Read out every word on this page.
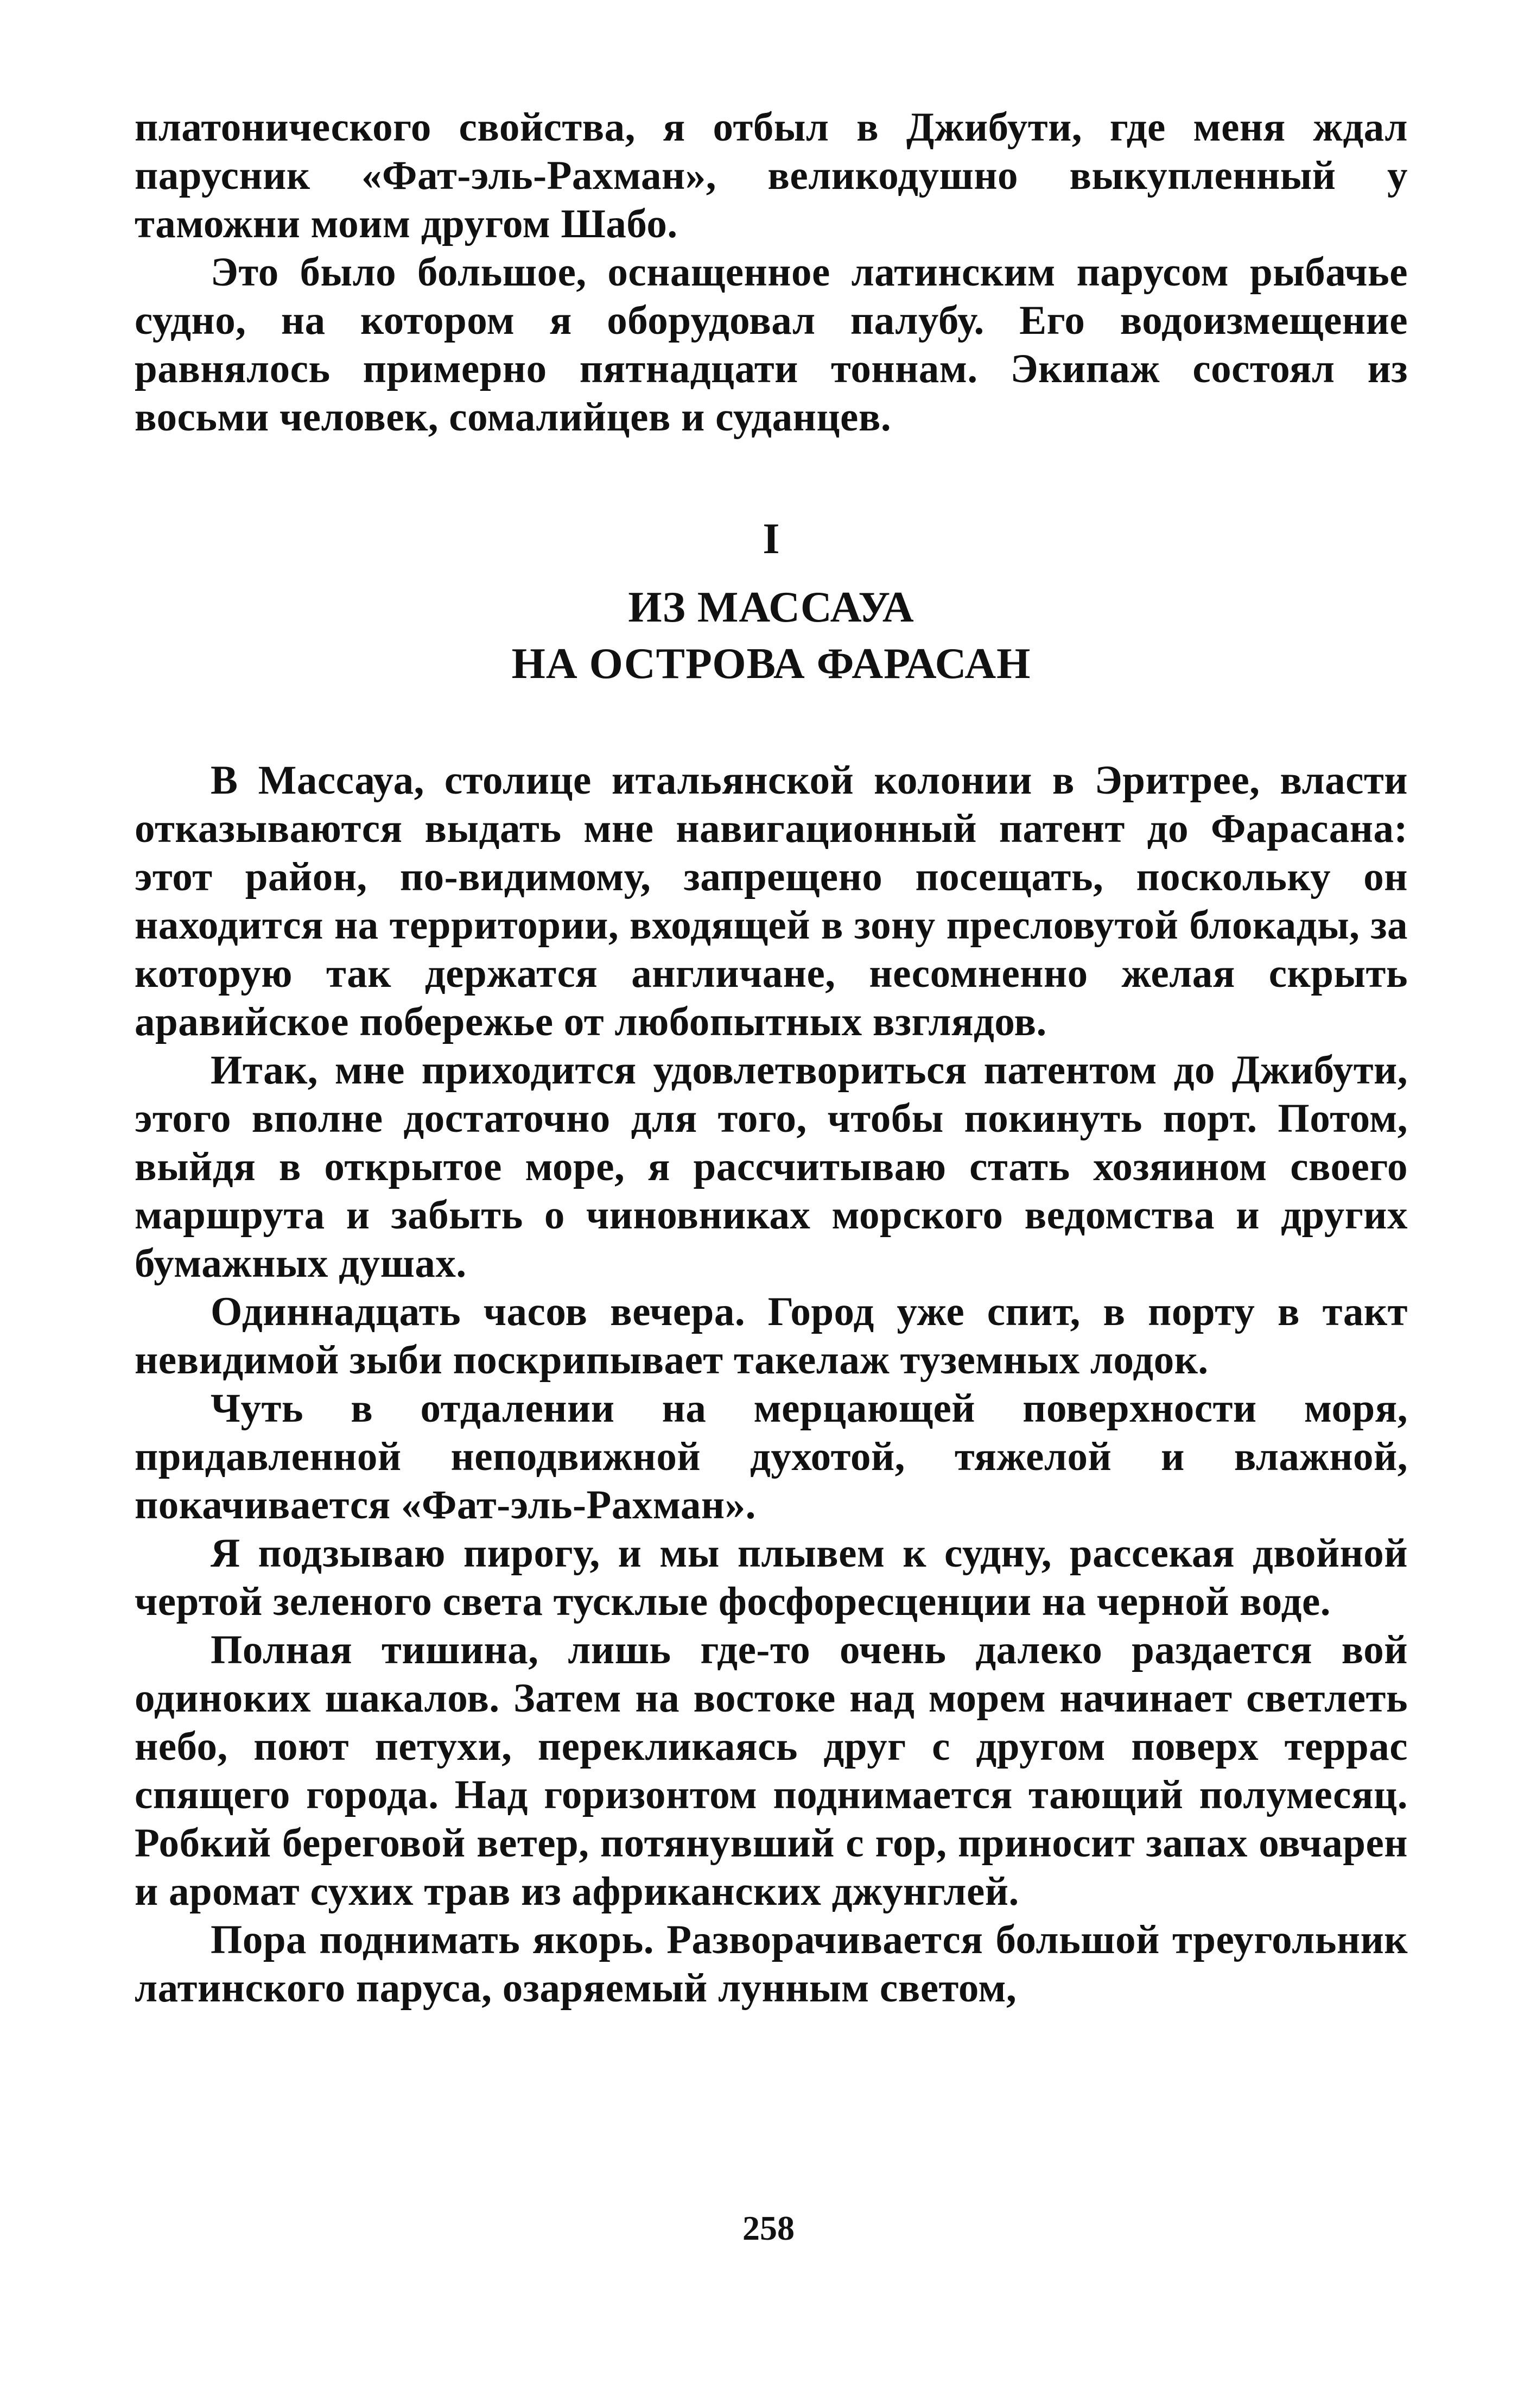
платонического свойства, я отбыл в Джибути, где меня ждал парусник «Фат-эль-Рахман», великодушно выкупленный у таможни моим другом Шабо.

Это было большое, оснащенное латинским парусом рыбачье судно, на котором я оборудовал палубу. Его водоизмещение равнялось примерно пятнадцати тоннам. Экипаж состоял из восьми человек, сомалийцев и суданцев.

I
ИЗ МАССАУА
НА ОСТРОВА ФАРАСАН

В Массауа, столице итальянской колонии в Эритрее, власти отказываются выдать мне навигационный патент до Фарасана: этот район, по-видимому, запрещено посещать, поскольку он находится на территории, входящей в зону пресловутой блокады, за которую так держатся англичане, несомненно желая скрыть аравийское побережье от любопытных взглядов.

Итак, мне приходится удовлетвориться патентом до Джибути, этого вполне достаточно для того, чтобы покинуть порт. Потом, выйдя в открытое море, я рассчитываю стать хозяином своего маршрута и забыть о чиновниках морского ведомства и других бумажных душах.

Одиннадцать часов вечера. Город уже спит, в порту в такт невидимой зыби поскрипывает такелаж туземных лодок.

Чуть в отдалении на мерцающей поверхности моря, придавленной неподвижной духотой, тяжелой и влажной, покачивается «Фат-эль-Рахман».

Я подзываю пирогу, и мы плывем к судну, рассекая двойной чертой зеленого света тусклые фосфоресценции на черной воде.

Полная тишина, лишь где-то очень далеко раздается вой одиноких шакалов. Затем на востоке над морем начинает светлеть небо, поют петухи, перекликаясь друг с другом поверх террас спящего города. Над горизонтом поднимается тающий полумесяц. Робкий береговой ветер, потянувший с гор, приносит запах овчарен и аромат сухих трав из африканских джунглей.

Пора поднимать якорь. Разворачивается большой треугольник латинского паруса, озаряемый лунным светом,

258
